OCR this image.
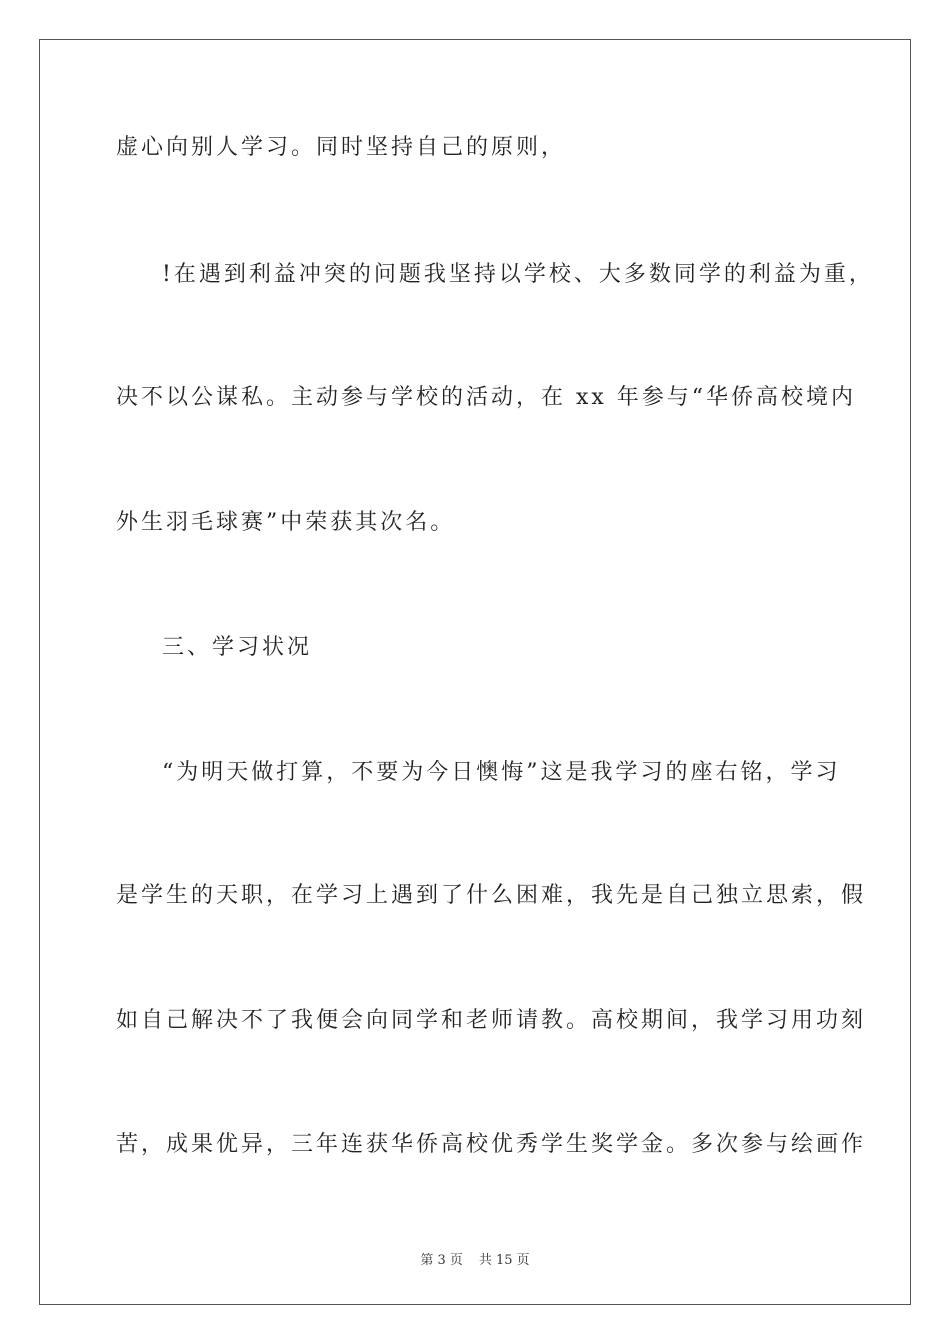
虚心向别人学习。同时坚持自己的原则，
!在遇到利益冲突的问题我坚持以学校、大多数同学的利益为重，
决不以公谋私。主动参与学校的活动，在 xx 年参与“华侨高校境内
外生羽毛球赛”中荣获其次名。
三、学习状况
“为明天做打算，不要为今日懊悔”这是我学习的座右铭，学习
是学生的天职，在学习上遇到了什么困难，我先是自己独立思索，假
如自己解决不了我便会向同学和老师请教。高校期间，我学习用功刻
苦，成果优异，三年连获华侨高校优秀学生奖学金。多次参与绘画作
第 3 页 共 15 页
